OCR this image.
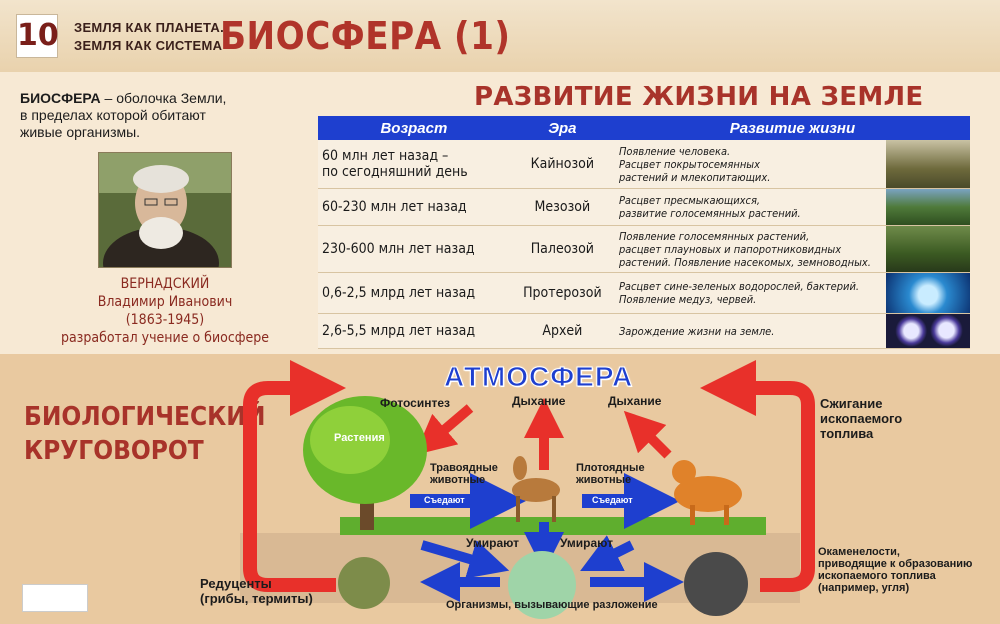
10 ЗЕМЛЯ КАК ПЛАНЕТА.
ЗЕМЛЯ КАК СИСТЕМА
БИОСФЕРА (1)
БИОСФЕРА – оболочка Земли,
в пределах которой обитают
живые организмы.
ВЕРНАДСКИЙ
Владимир Иванович
(1863-1945)
разработал учение о биосфере
РАЗВИТИЕ ЖИЗНИ НА ЗЕМЛЕ
Возраст	Эра	Развитие жизни	
60 млн лет назад –
по сегодняшний день	Кайнозой	Появление человека.
Расцвет покрытосемянных
растений и млекопитающих.	

60-230 млн лет назад	Мезозой	Расцвет пресмыкающихся,
развитие голосемянных растений.	

230-600 млн лет назад	Палеозой	Появление голосемянных растений,
расцвет плауновых и папоротниковидных
растений. Появление насекомых, земноводных.	

0,6-2,5 млрд лет назад	Протерозой	Расцвет сине-зеленых водорослей, бактерий.
Появление медуз, червей.	

2,6-5,5 млрд лет назад	Архей	Зарождение жизни на земле.	
БИОЛОГИЧЕСКИЙ
КРУГОВОРОТ
АТМОСФЕРА
Фотосинтез	Дыхание	Дыхание
Растения
Травоядные
животные
Плотоядные
животные
Съедают	Съедают
Умирают	Умирают
Сжигание
ископаемого
топлива
Окаменелости,
приводящие к образованию
ископаемого топлива
(например, угля)
Редуценты
(грибы, термиты)	Организмы, вызывающие разложение
